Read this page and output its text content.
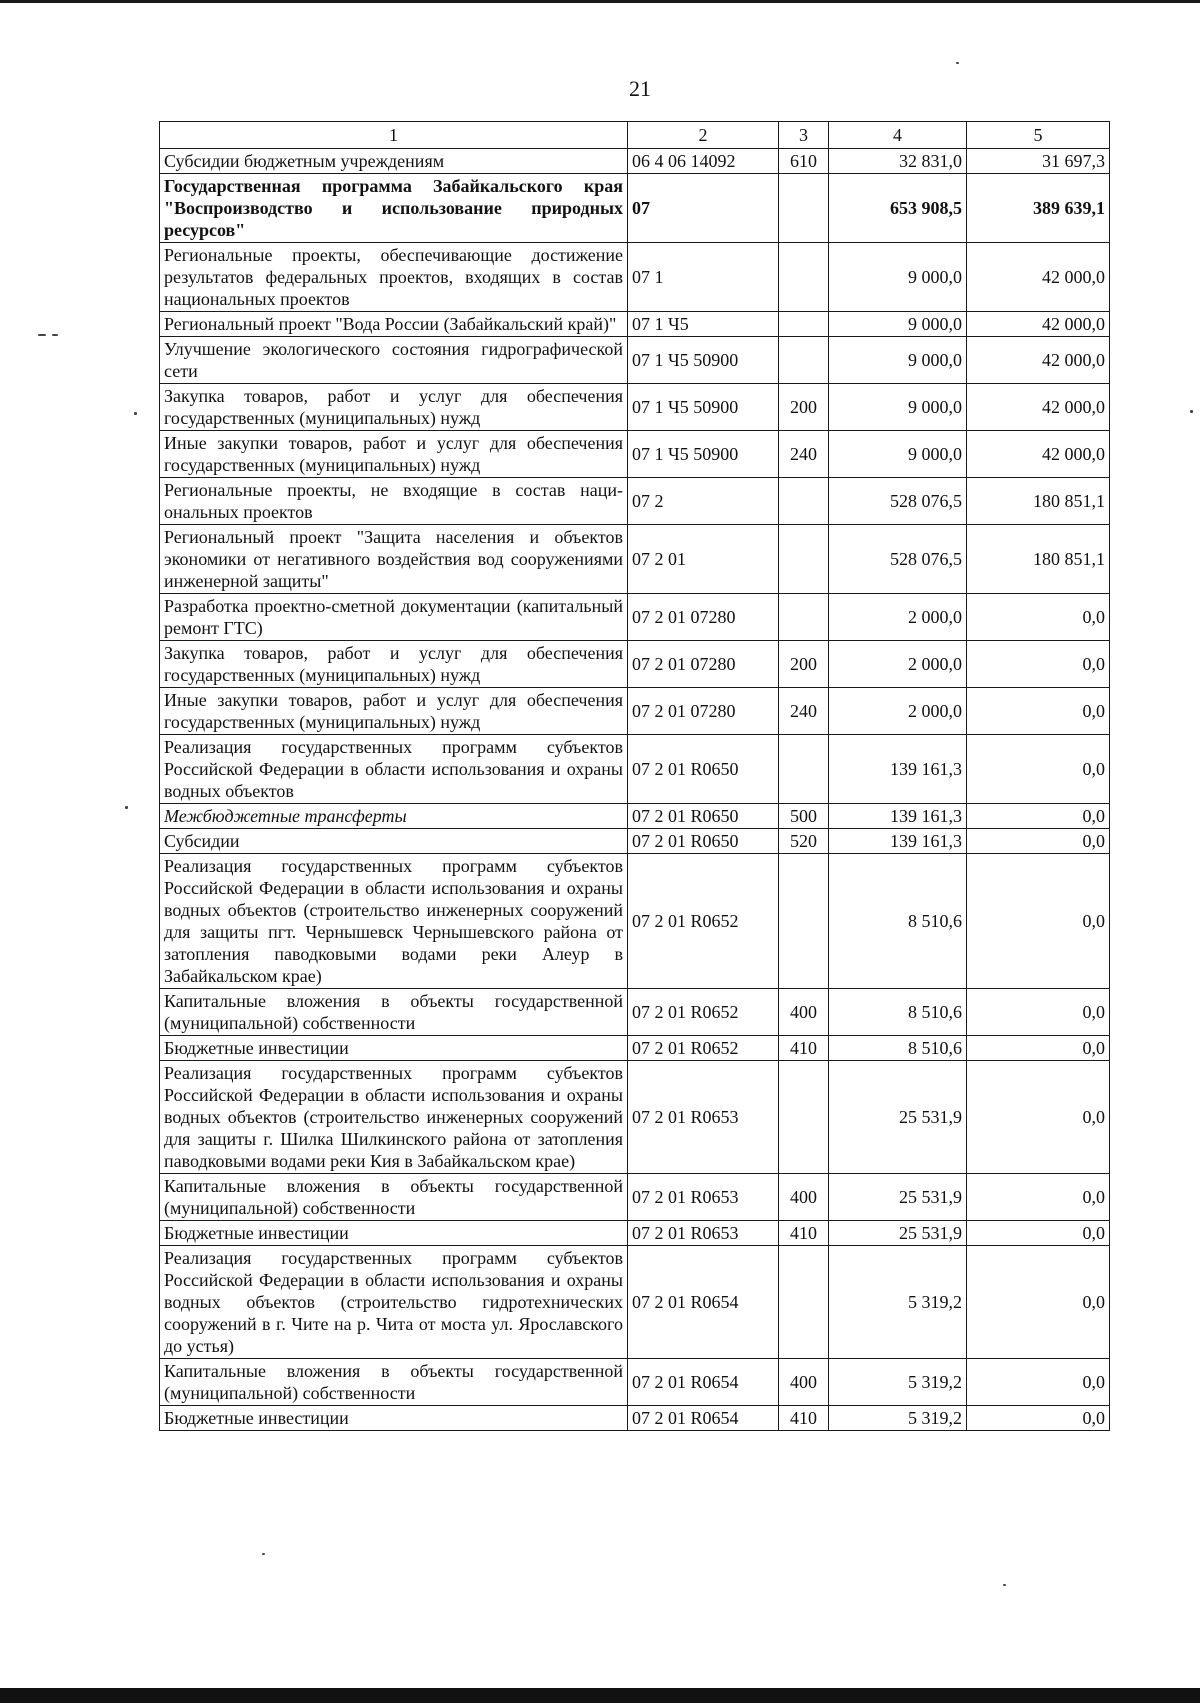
21
1	2	3	4	5
Субсидии бюджетным учреждениям	06 4 06 14092	610	32 831,0	31 697,3
Государственная программа Забайкальского края "Воспроизводство и использование природных ресурсов"	07		653 908,5	389 639,1
Региональные проекты, обеспечивающие достижение результатов федеральных проектов, входящих в состав национальных проектов	07 1		9 000,0	42 000,0
Региональный проект "Вода России (Забайкальский край)"	07 1 Ч5		9 000,0	42 000,0
Улучшение экологического состояния гидрографической сети	07 1 Ч5 50900		9 000,0	42 000,0
Закупка товаров, работ и услуг для обеспечения государственных (муниципальных) нужд	07 1 Ч5 50900	200	9 000,0	42 000,0
Иные закупки товаров, работ и услуг для обеспечения государственных (муниципальных) нужд	07 1 Ч5 50900	240	9 000,0	42 000,0
Региональные проекты, не входящие в состав национальных проектов	07 2		528 076,5	180 851,1
Региональный проект "Защита населения и объектов экономики от негативного воздействия вод сооружениями инженерной защиты"	07 2 01		528 076,5	180 851,1
Разработка проектно-сметной документации (капитальный ремонт ГТС)	07 2 01 07280		2 000,0	0,0
Закупка товаров, работ и услуг для обеспечения государственных (муниципальных) нужд	07 2 01 07280	200	2 000,0	0,0
Иные закупки товаров, работ и услуг для обеспечения государственных (муниципальных) нужд	07 2 01 07280	240	2 000,0	0,0
Реализация государственных программ субъектов Российской Федерации в области использования и охраны водных объектов	07 2 01 R0650		139 161,3	0,0
Межбюджетные трансферты	07 2 01 R0650	500	139 161,3	0,0
Субсидии	07 2 01 R0650	520	139 161,3	0,0
Реализация государственных программ субъектов Российской Федерации в области использования и охраны водных объектов (строительство инженерных сооружений для защиты пгт. Чернышевск Чернышевского района от затопления паводковыми водами реки Алеур в Забайкальском крае)	07 2 01 R0652		8 510,6	0,0
Капитальные вложения в объекты государственной (муниципальной) собственности	07 2 01 R0652	400	8 510,6	0,0
Бюджетные инвестиции	07 2 01 R0652	410	8 510,6	0,0
Реализация государственных программ субъектов Российской Федерации в области использования и охраны водных объектов (строительство инженерных сооружений для защиты г. Шилка Шилкинского района от затопления паводковыми водами реки Кия в Забайкальском крае)	07 2 01 R0653		25 531,9	0,0
Капитальные вложения в объекты государственной (муниципальной) собственности	07 2 01 R0653	400	25 531,9	0,0
Бюджетные инвестиции	07 2 01 R0653	410	25 531,9	0,0
Реализация государственных программ субъектов Российской Федерации в области использования и охраны водных объектов (строительство гидротехнических сооружений в г. Чите на р. Чита от моста ул. Ярославского до устья)	07 2 01 R0654		5 319,2	0,0
Капитальные вложения в объекты государственной (муниципальной) собственности	07 2 01 R0654	400	5 319,2	0,0
Бюджетные инвестиции	07 2 01 R0654	410	5 319,2	0,0
